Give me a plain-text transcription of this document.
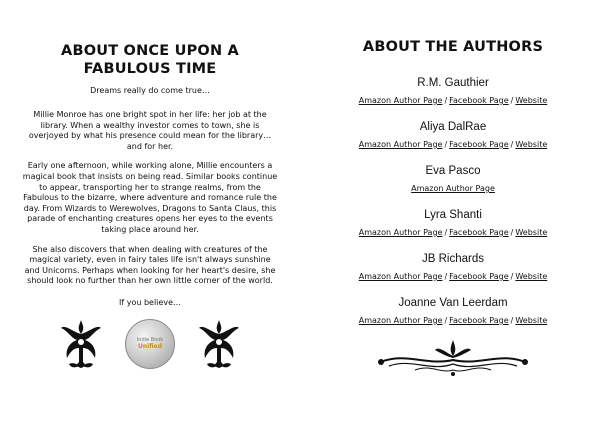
ABOUT ONCE UPON A FABULOUS TIME
Dreams really do come true…
Millie Monroe has one bright spot in her life: her job at the library. When a wealthy investor comes to town, she is overjoyed by what his presence could mean for the library…and for her.
Early one afternoon, while working alone, Millie encounters a magical book that insists on being read. Similar books continue to appear, transporting her to strange realms, from the Fabulous to the bizarre, where adventure and romance rule the day. From Wizards to Werewolves, Dragons to Santa Claus, this parade of enchanting creatures opens her eyes to the events taking place around her.
She also discovers that when dealing with creatures of the magical variety, even in fairy tales life isn't always sunshine and Unicorns. Perhaps when looking for her heart's desire, she should look no further than her own little corner of the world.
If you believe…
Indie Book
Unified
ABOUT THE AUTHORS
R.M. Gauthier
Amazon Author Page / Facebook Page / Website
Aliya DalRae
Amazon Author Page / Facebook Page / Website
Eva Pasco
Amazon Author Page
Lyra Shanti
Amazon Author Page / Facebook Page / Website
JB Richards
Amazon Author Page / Facebook Page / Website
Joanne Van Leerdam
Amazon Author Page / Facebook Page / Website
